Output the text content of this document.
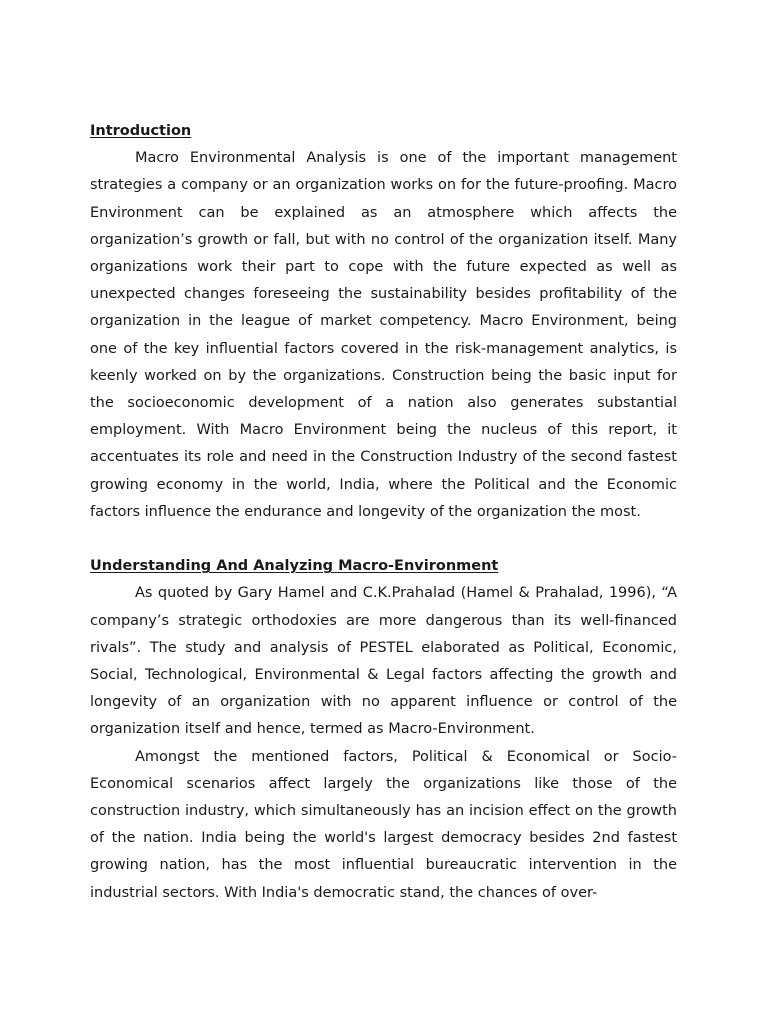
Introduction

Macro Environmental Analysis is one of the important management strategies a company or an organization works on for the future-proofing. Macro Environment can be explained as an atmosphere which affects the organization’s growth or fall, but with no control of the organization itself. Many organizations work their part to cope with the future expected as well as unexpected changes foreseeing the sustainability besides profitability of the organization in the league of market competency. Macro Environment, being one of the key influential factors covered in the risk-management analytics, is keenly worked on by the organizations. Construction being the basic input for the socioeconomic development of a nation also generates substantial employment. With Macro Environment being the nucleus of this report, it accentuates its role and need in the Construction Industry of the second fastest growing economy in the world, India, where the Political and the Economic factors influence the endurance and longevity of the organization the most.

Understanding And Analyzing Macro-Environment

As quoted by Gary Hamel and C.K.Prahalad (Hamel & Prahalad, 1996), “A company’s strategic orthodoxies are more dangerous than its well-financed rivals”. The study and analysis of PESTEL elaborated as Political, Economic, Social, Technological, Environmental & Legal factors affecting the growth and longevity of an organization with no apparent influence or control of the organization itself and hence, termed as Macro-Environment.

Amongst the mentioned factors, Political & Economical or Socio-Economical scenarios affect largely the organizations like those of the construction industry, which simultaneously has an incision effect on the growth of the nation. India being the world's largest democracy besides 2nd fastest growing nation, has the most influential bureaucratic intervention in the industrial sectors. With India's democratic stand, the chances of over-
